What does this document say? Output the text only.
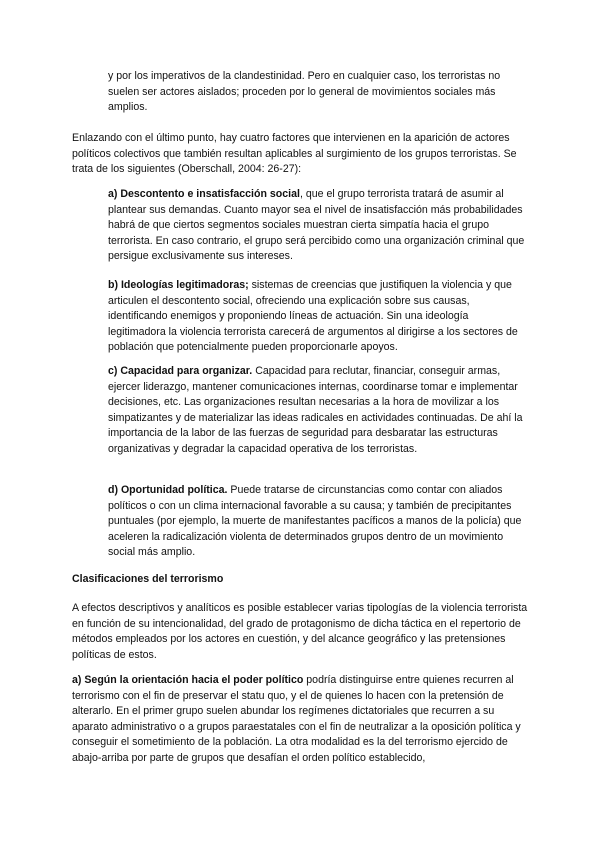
y por los imperativos de la clandestinidad. Pero en cualquier caso, los terroristas no suelen ser actores aislados; proceden por lo general de movimientos sociales más amplios.

Enlazando con el último punto, hay cuatro factores que intervienen en la aparición de actores políticos colectivos que también resultan aplicables al surgimiento de los grupos terroristas. Se trata de los siguientes (Oberschall, 2004: 26-27):

a) Descontento e insatisfacción social, que el grupo terrorista tratará de asumir al plantear sus demandas. Cuanto mayor sea el nivel de insatisfacción más probabilidades habrá de que ciertos segmentos sociales muestran cierta simpatía hacia el grupo terrorista. En caso contrario, el grupo será percibido como una organización criminal que persigue exclusivamente sus intereses.

b) Ideologías legitimadoras; sistemas de creencias que justifiquen la violencia y que articulen el descontento social, ofreciendo una explicación sobre sus causas, identificando enemigos y proponiendo líneas de actuación. Sin una ideología legitimadora la violencia terrorista carecerá de argumentos al dirigirse a los sectores de población que potencialmente pueden proporcionarle apoyos.

c) Capacidad para organizar. Capacidad para reclutar, financiar, conseguir armas, ejercer liderazgo, mantener comunicaciones internas, coordinarse tomar e implementar decisiones, etc. Las organizaciones resultan necesarias a la hora de movilizar a los simpatizantes y de materializar las ideas radicales en actividades continuadas. De ahí la importancia de la labor de las fuerzas de seguridad para desbaratar las estructuras organizativas y degradar la capacidad operativa de los terroristas.

d) Oportunidad política. Puede tratarse de circunstancias como contar con aliados políticos o con un clima internacional favorable a su causa; y también de precipitantes puntuales (por ejemplo, la muerte de manifestantes pacíficos a manos de la policía) que aceleren la radicalización violenta de determinados grupos dentro de un movimiento social más amplio.

Clasificaciones del terrorismo

A efectos descriptivos y analíticos es posible establecer varias tipologías de la violencia terrorista en función de su intencionalidad, del grado de protagonismo de dicha táctica en el repertorio de métodos empleados por los actores en cuestión, y del alcance geográfico y las pretensiones políticas de estos.

a) Según la orientación hacia el poder político podría distinguirse entre quienes recurren al terrorismo con el fin de preservar el statu quo, y el de quienes lo hacen con la pretensión de alterarlo. En el primer grupo suelen abundar los regímenes dictatoriales que recurren a su aparato administrativo o a grupos paraestatales con el fin de neutralizar a la oposición política y conseguir el sometimiento de la población. La otra modalidad es la del terrorismo ejercido de abajo-arriba por parte de grupos que desafían el orden político establecido,
